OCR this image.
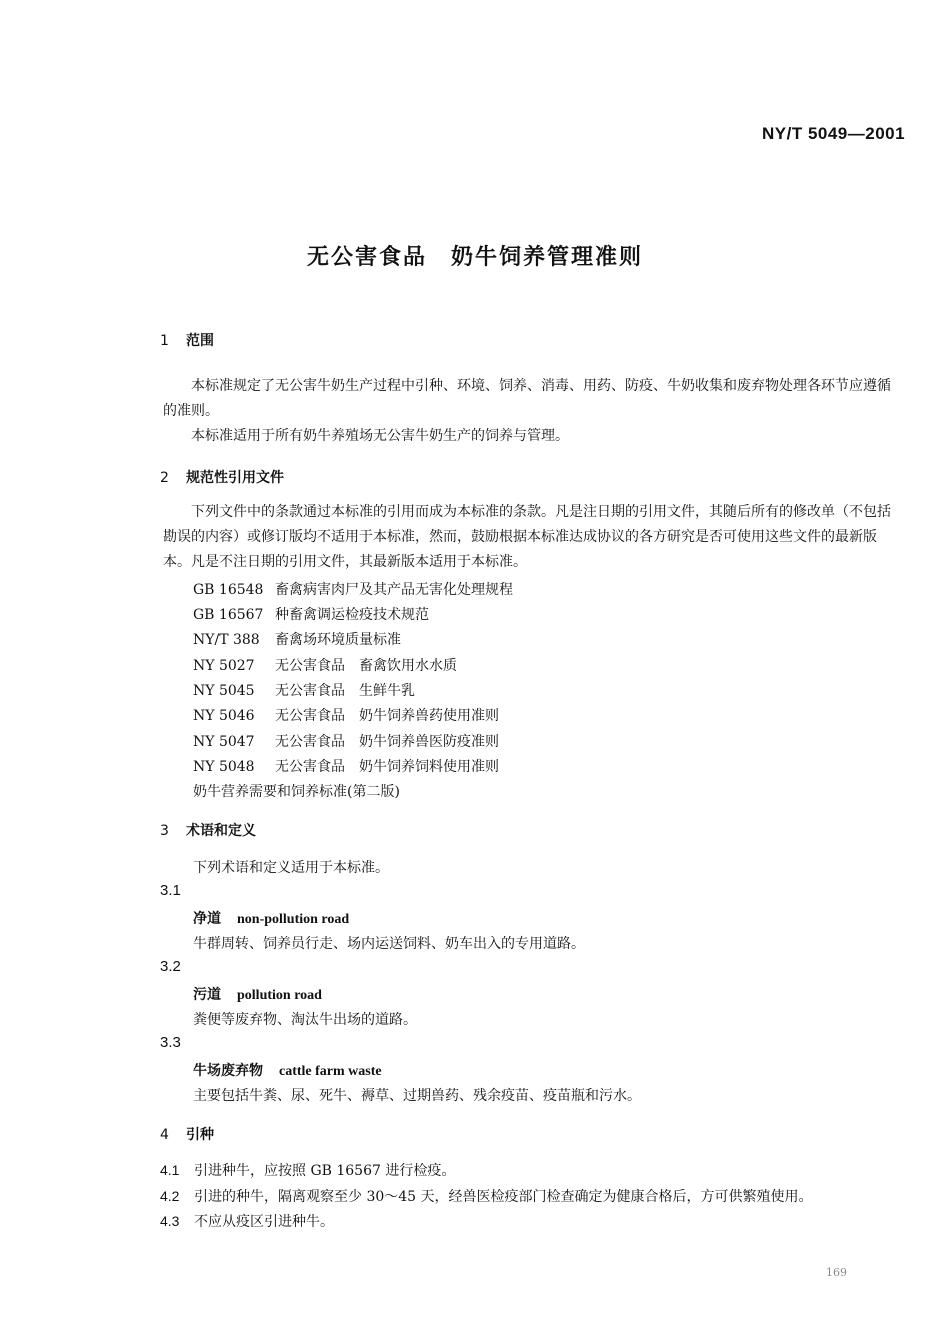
NY/T 5049—2001
无公害食品　奶牛饲养管理准则
1 范围
本标准规定了无公害牛奶生产过程中引种、环境、饲养、消毒、用药、防疫、牛奶收集和废弃物处理各环节应遵循的准则。
本标准适用于所有奶牛养殖场无公害牛奶生产的饲养与管理。
2 规范性引用文件
下列文件中的条款通过本标准的引用而成为本标准的条款。凡是注日期的引用文件，其随后所有的修改单（不包括勘误的内容）或修订版均不适用于本标准，然而，鼓励根据本标准达成协议的各方研究是否可使用这些文件的最新版本。凡是不注日期的引用文件，其最新版本适用于本标准。
GB 16548 畜禽病害肉尸及其产品无害化处理规程
GB 16567 种畜禽调运检疫技术规范
NY/T 388 畜禽场环境质量标准
NY 5027 无公害食品　畜禽饮用水水质
NY 5045 无公害食品　生鲜牛乳
NY 5046 无公害食品　奶牛饲养兽药使用准则
NY 5047 无公害食品　奶牛饲养兽医防疫准则
NY 5048 无公害食品　奶牛饲养饲料使用准则
奶牛营养需要和饲养标准(第二版)
3 术语和定义
下列术语和定义适用于本标准。
3.1
净道 non-pollution road
牛群周转、饲养员行走、场内运送饲料、奶车出入的专用道路。
3.2
污道 pollution road
粪便等废弃物、淘汰牛出场的道路。
3.3
牛场废弃物 cattle farm waste
主要包括牛粪、尿、死牛、褥草、过期兽药、残余疫苗、疫苗瓶和污水。
4 引种
4.1 引进种牛，应按照 GB 16567 进行检疫。
4.2 引进的种牛，隔离观察至少 30～45 天，经兽医检疫部门检查确定为健康合格后，方可供繁殖使用。
4.3 不应从疫区引进种牛。
169
